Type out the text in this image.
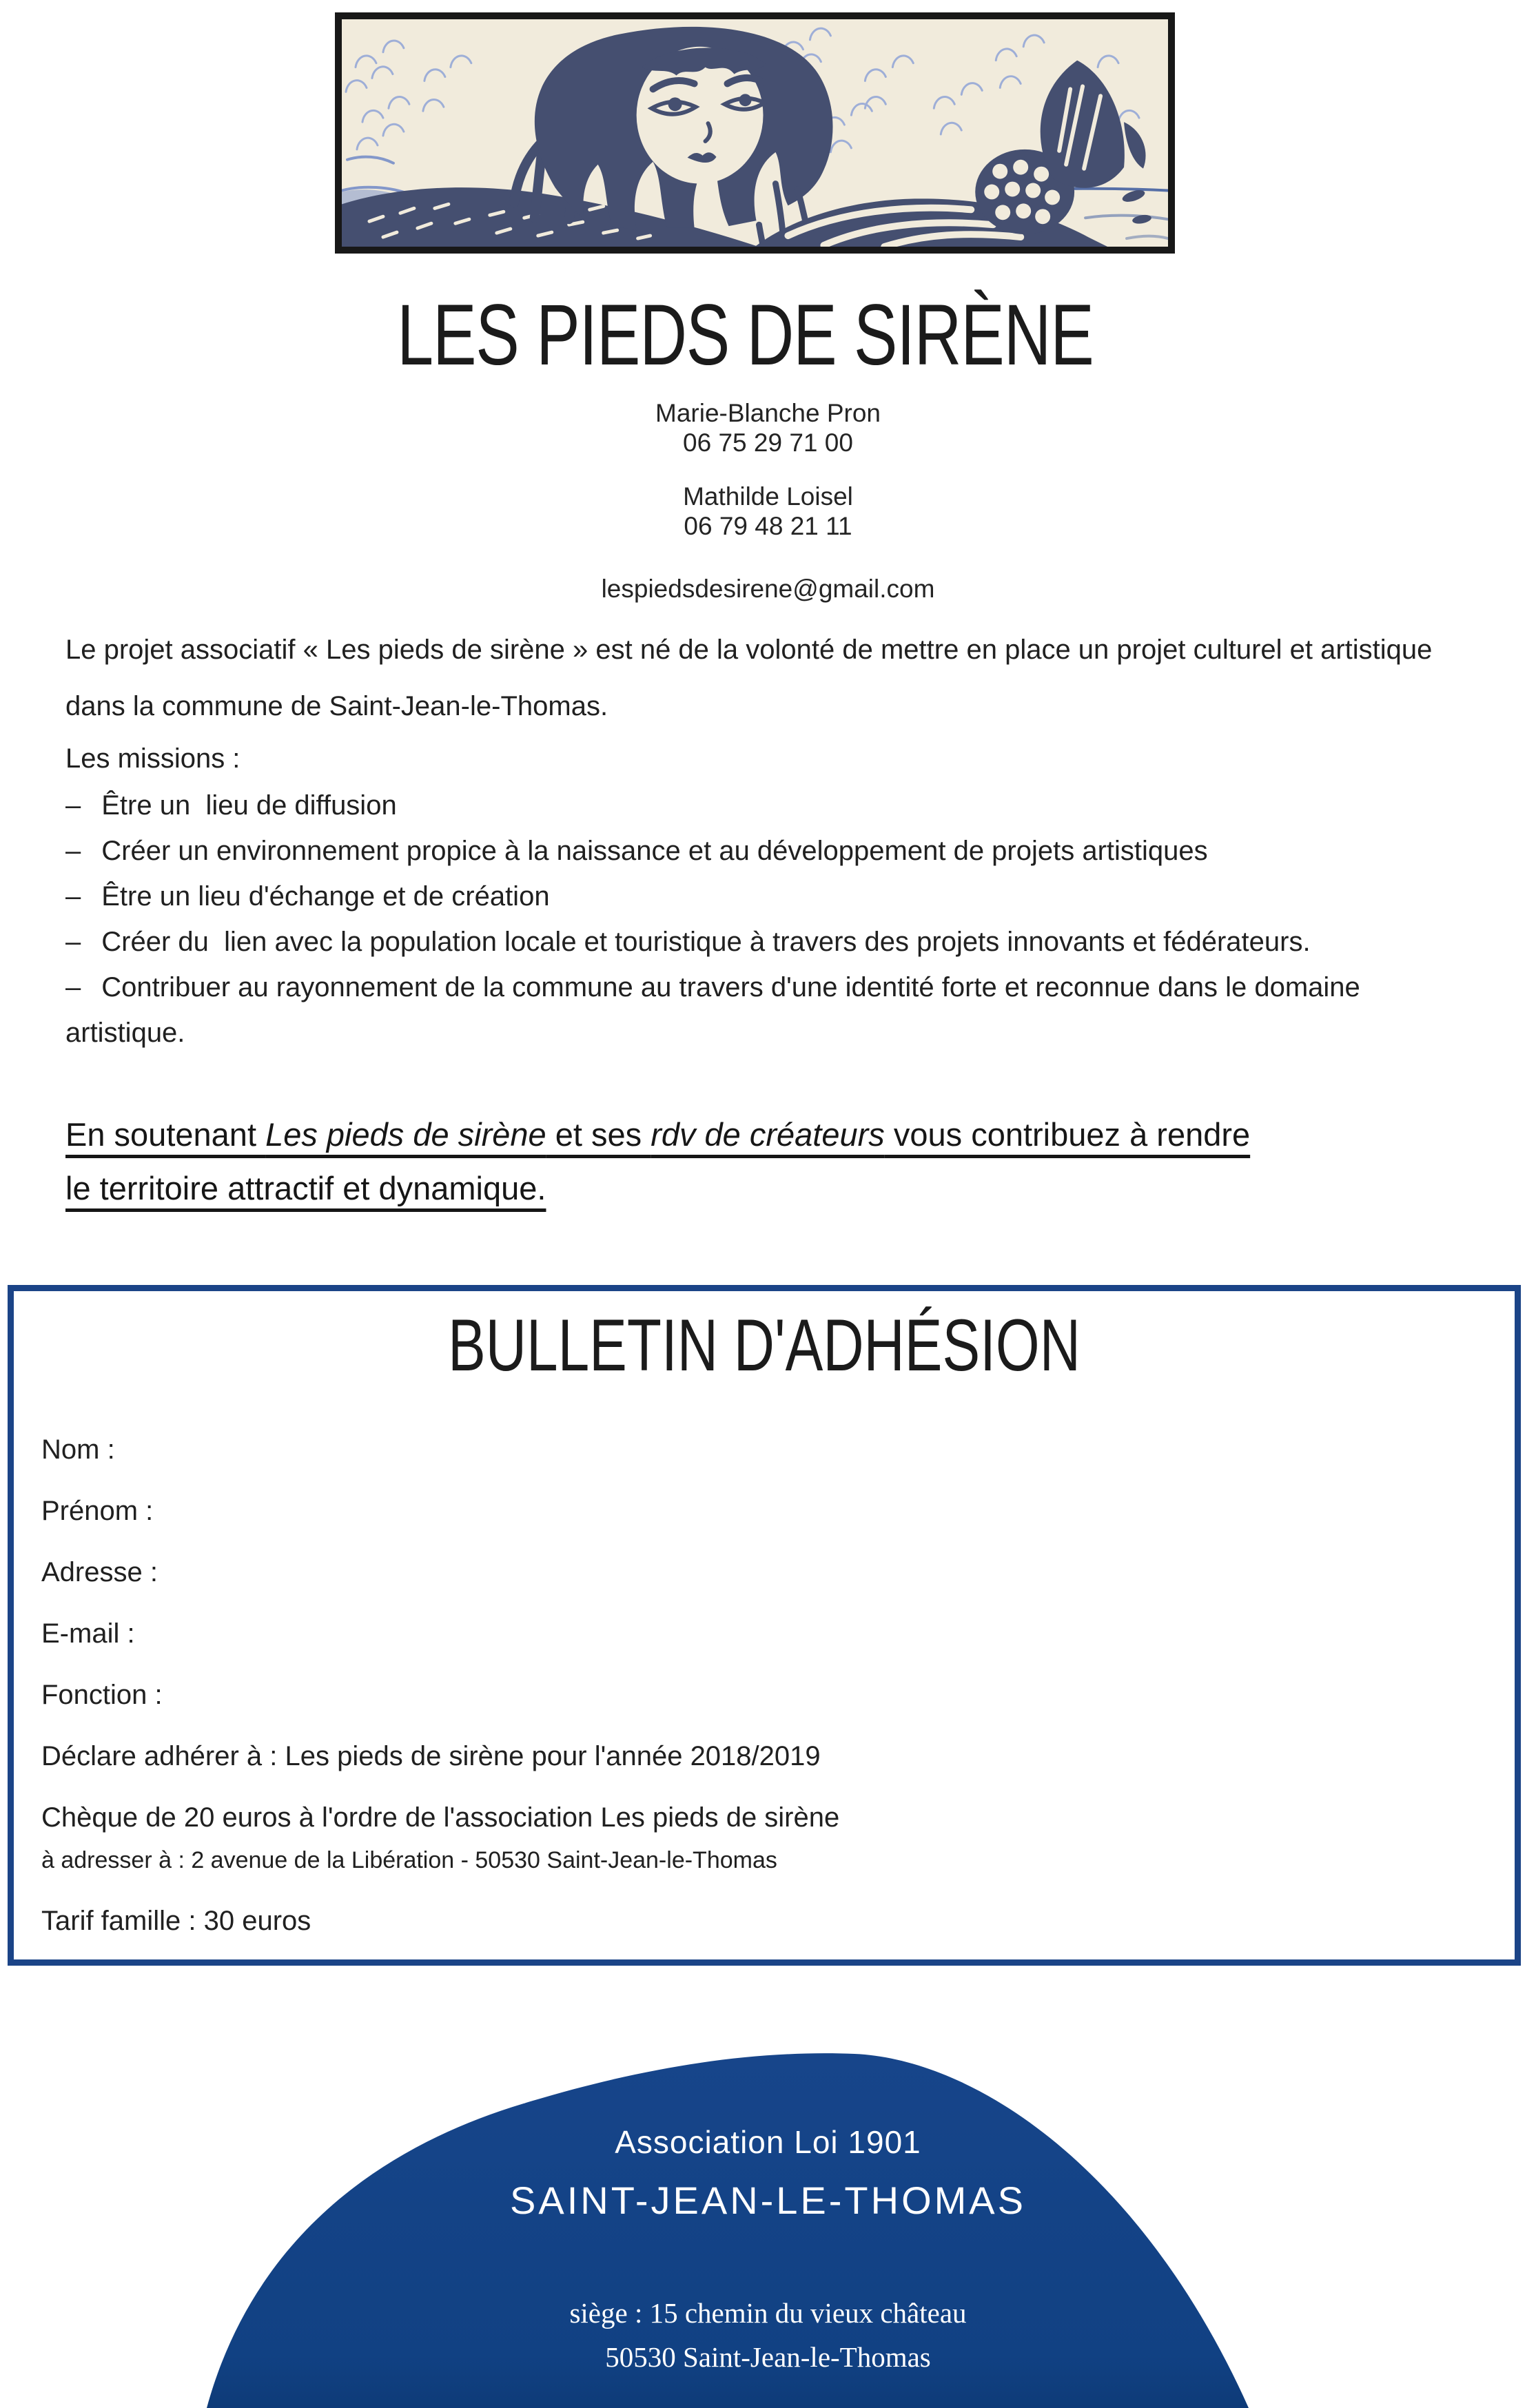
LES PIEDS DE SIRÈNE
Marie-Blanche Pron
06 75 29 71 00
Mathilde Loisel
06 79 48 21 11
lespiedsdesirene@gmail.com
Le projet associatif « Les pieds de sirène » est né de la volonté de mettre en place un projet culturel et artistique dans la commune de Saint-Jean-le-Thomas.
Les missions :
– Être un  lieu de diffusion
– Créer un environnement propice à la naissance et au développement de projets artistiques
– Être un lieu d'échange et de création
– Créer du  lien avec la population locale et touristique à travers des projets innovants et fédérateurs.
– Contribuer au rayonnement de la commune au travers d'une identité forte et reconnue dans le domaine artistique.
En soutenant Les pieds de sirène et ses rdv de créateurs vous contribuez à rendre
le territoire attractif et dynamique.
BULLETIN D'ADHÉSION
Nom :
Prénom :
Adresse :
E-mail :
Fonction :
Déclare adhérer à : Les pieds de sirène pour l'année 2018/2019
Chèque de 20 euros à l'ordre de l'association Les pieds de sirène
à adresser à : 2 avenue de la Libération - 50530 Saint-Jean-le-Thomas
Tarif famille : 30 euros
Association Loi 1901
SAINT-JEAN-LE-THOMAS
siège : 15 chemin du vieux château
50530 Saint-Jean-le-Thomas
